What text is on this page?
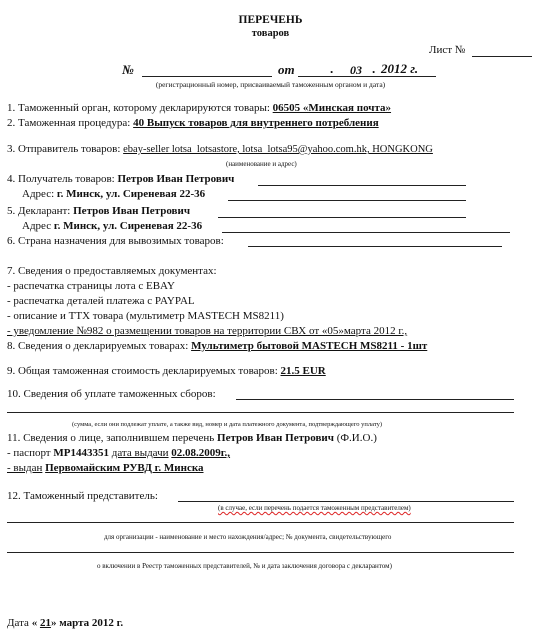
ПЕРЕЧЕНЬ
товаров
Лист №
№	от	. 03 . 2012 г.
(регистрационный номер, присваиваемый таможенным органом и дата)
1. Таможенный орган, которому декларируются товары: 06505 «Минская почта»
2. Таможенная процедура: 40 Выпуск товаров для внутреннего потребления
3. Отправитель товаров: ebay-seller lotsa_lotsastore, lotsa_lotsa95@yahoo.com.hk, HONGKONG
(наименование и адрес)
4. Получатель товаров: Петров Иван Петрович
Адрес: г. Минск, ул. Сиреневая 22-36
5. Декларант: Петров Иван Петрович
Адрес г. Минск, ул. Сиреневая 22-36
6. Страна назначения для вывозимых товаров:
7. Сведения о предоставляемых документах:
- распечатка страницы лота с EBAY
- распечатка деталей платежа с PAYPAL
- описание и ТТХ товара (мультиметр MASTECH MS8211)
- уведомление №982 о размещении товаров на территории СВХ от «05»марта 2012 г.,
8. Сведения о декларируемых товарах: Мультиметр бытовой MASTECH MS8211 - 1шт
9. Общая таможенная стоимость декларируемых товаров: 21.5 EUR
10. Сведения об уплате таможенных сборов:
(сумма, если они подлежат уплате, а также вид, номер и дата платежного документа, подтверждающего уплату)
11. Сведения о лице, заполнившем перечень Петров Иван Петрович (Ф.И.О.)
- паспорт МР1443351 дата выдачи 02.08.2009г.,
- выдан Первомайским РУВД г. Минска
12. Таможенный представитель:
(в случае, если перечень подается таможенным представителем)
для организации - наименование и место нахождения/адрес; № документа, свидетельствующего
о включении в Реестр таможенных представителей, № и дата заключения договора с декларантом)
Дата « 21» марта 2012 г.
